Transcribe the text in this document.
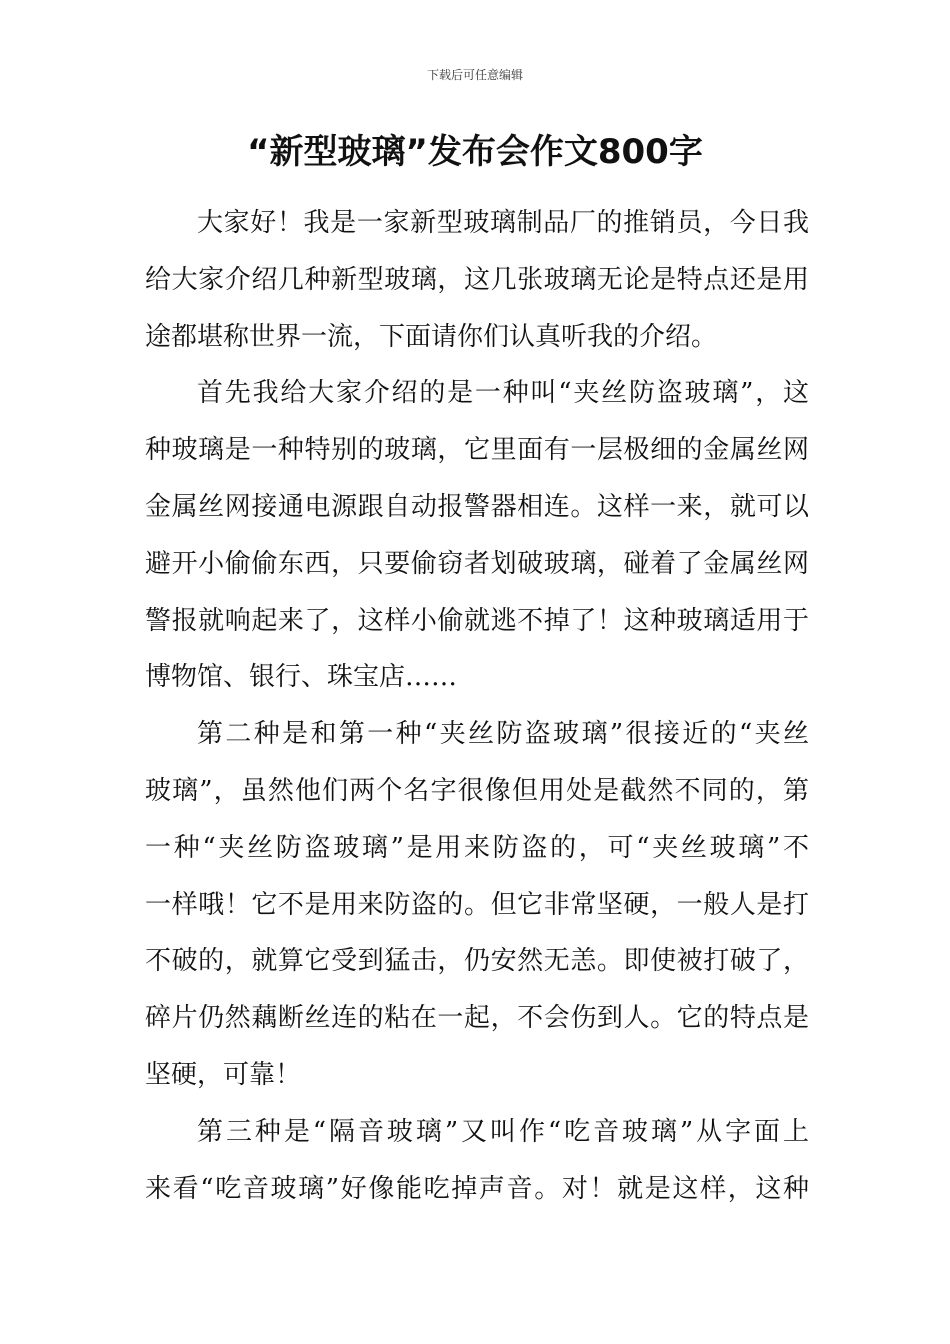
下载后可任意编辑
“新型玻璃”发布会作文800字
大家好！我是一家新型玻璃制品厂的推销员，今日我
给大家介绍几种新型玻璃，这几张玻璃无论是特点还是用
途都堪称世界一流，下面请你们认真听我的介绍。
首先我给大家介绍的是一种叫“夹丝防盗玻璃”，这
种玻璃是一种特别的玻璃，它里面有一层极细的金属丝网
金属丝网接通电源跟自动报警器相连。这样一来，就可以
避开小偷偷东西，只要偷窃者划破玻璃，碰着了金属丝网
警报就响起来了，这样小偷就逃不掉了！这种玻璃适用于
博物馆、银行、珠宝店……
第二种是和第一种“夹丝防盗玻璃”很接近的“夹丝
玻璃”，虽然他们两个名字很像但用处是截然不同的，第
一种“夹丝防盗玻璃”是用来防盗的，可“夹丝玻璃”不
一样哦！它不是用来防盗的。但它非常坚硬，一般人是打
不破的，就算它受到猛击，仍安然无恙。即使被打破了，
碎片仍然藕断丝连的粘在一起，不会伤到人。它的特点是
坚硬，可靠！
第三种是“隔音玻璃”又叫作“吃音玻璃”从字面上
来看“吃音玻璃”好像能吃掉声音。对！就是这样，这种
